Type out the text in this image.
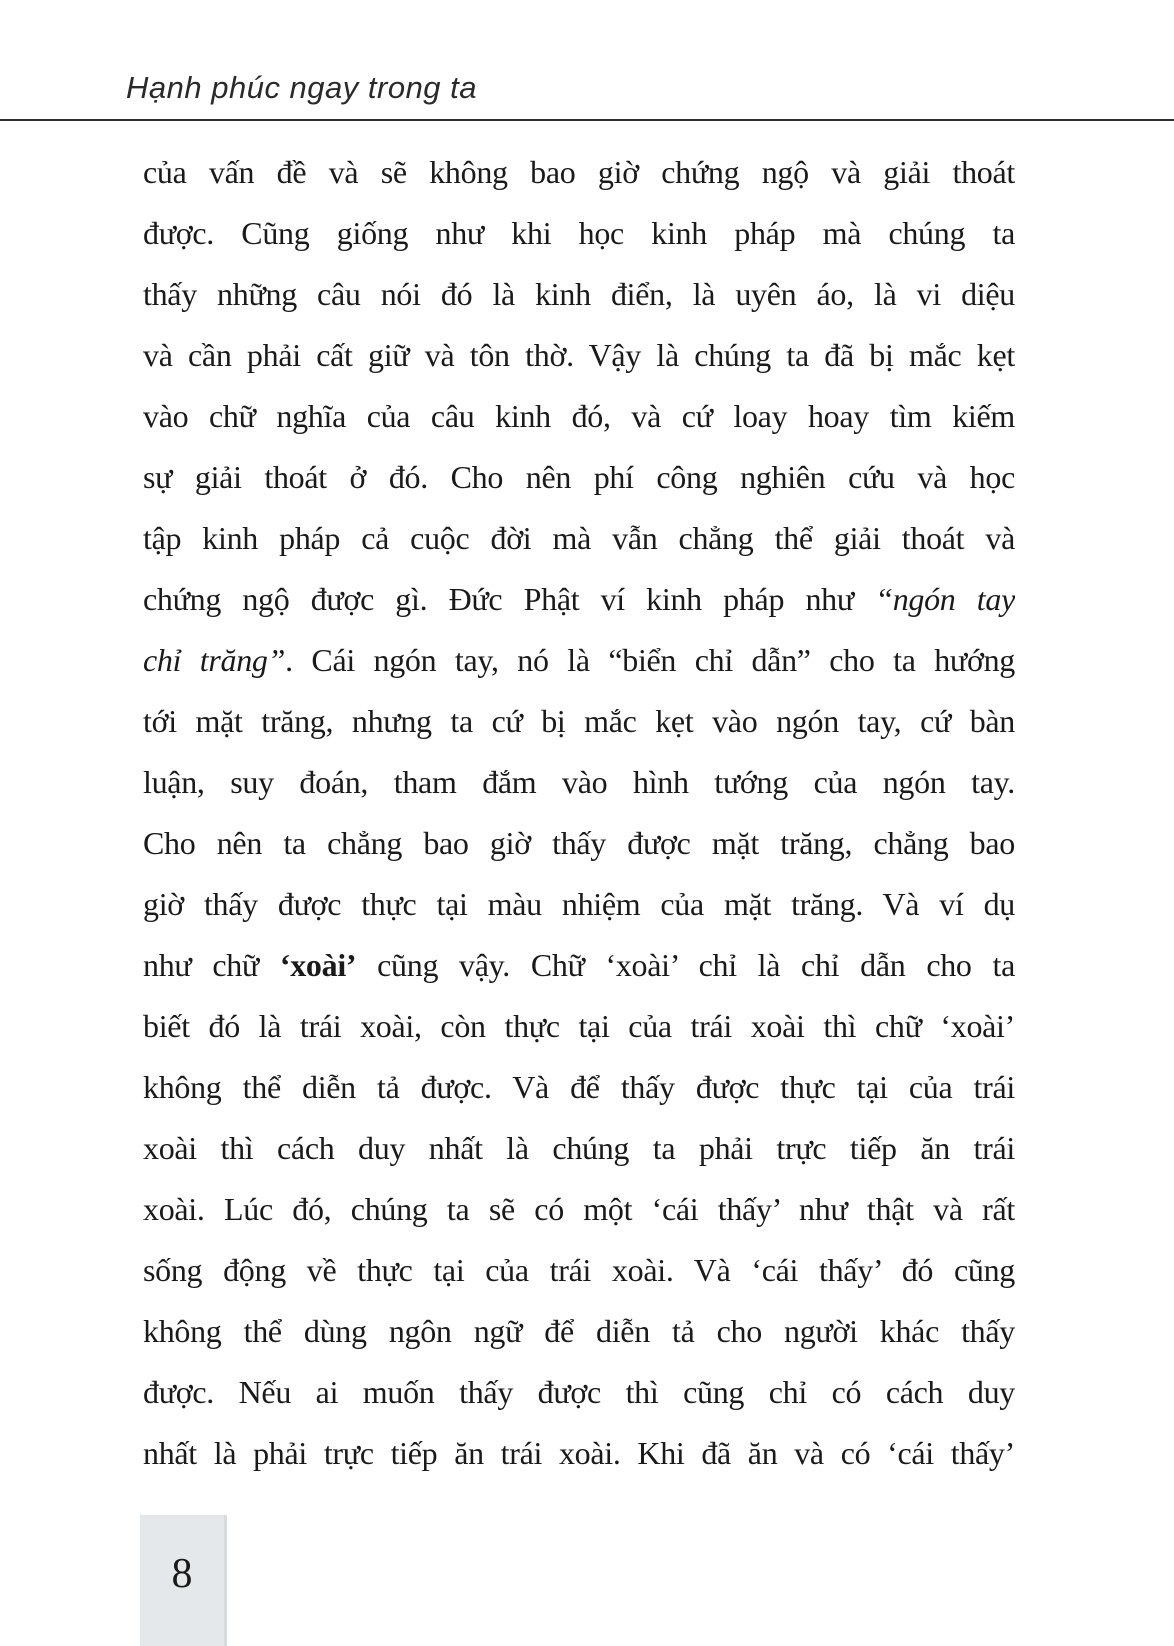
Hạnh phúc ngay trong ta
của vấn đề và sẽ không bao giờ chứng ngộ và giải thoát
được. Cũng giống như khi học kinh pháp mà chúng ta
thấy những câu nói đó là kinh điển, là uyên áo, là vi diệu
và cần phải cất giữ và tôn thờ. Vậy là chúng ta đã bị mắc kẹt
vào chữ nghĩa của câu kinh đó, và cứ loay hoay tìm kiếm
sự giải thoát ở đó. Cho nên phí công nghiên cứu và học
tập kinh pháp cả cuộc đời mà vẫn chẳng thể giải thoát và
chứng ngộ được gì. Đức Phật ví kinh pháp như “ngón tay
chỉ trăng”. Cái ngón tay, nó là “biển chỉ dẫn” cho ta hướng
tới mặt trăng, nhưng ta cứ bị mắc kẹt vào ngón tay, cứ bàn
luận, suy đoán, tham đắm vào hình tướng của ngón tay.
Cho nên ta chẳng bao giờ thấy được mặt trăng, chẳng bao
giờ thấy được thực tại màu nhiệm của mặt trăng. Và ví dụ
như chữ ‘xoài’ cũng vậy. Chữ ‘xoài’ chỉ là chỉ dẫn cho ta
biết đó là trái xoài, còn thực tại của trái xoài thì chữ ‘xoài’
không thể diễn tả được. Và để thấy được thực tại của trái
xoài thì cách duy nhất là chúng ta phải trực tiếp ăn trái
xoài. Lúc đó, chúng ta sẽ có một ‘cái thấy’ như thật và rất
sống động về thực tại của trái xoài. Và ‘cái thấy’ đó cũng
không thể dùng ngôn ngữ để diễn tả cho người khác thấy
được. Nếu ai muốn thấy được thì cũng chỉ có cách duy
nhất là phải trực tiếp ăn trái xoài. Khi đã ăn và có ‘cái thấy’
8
